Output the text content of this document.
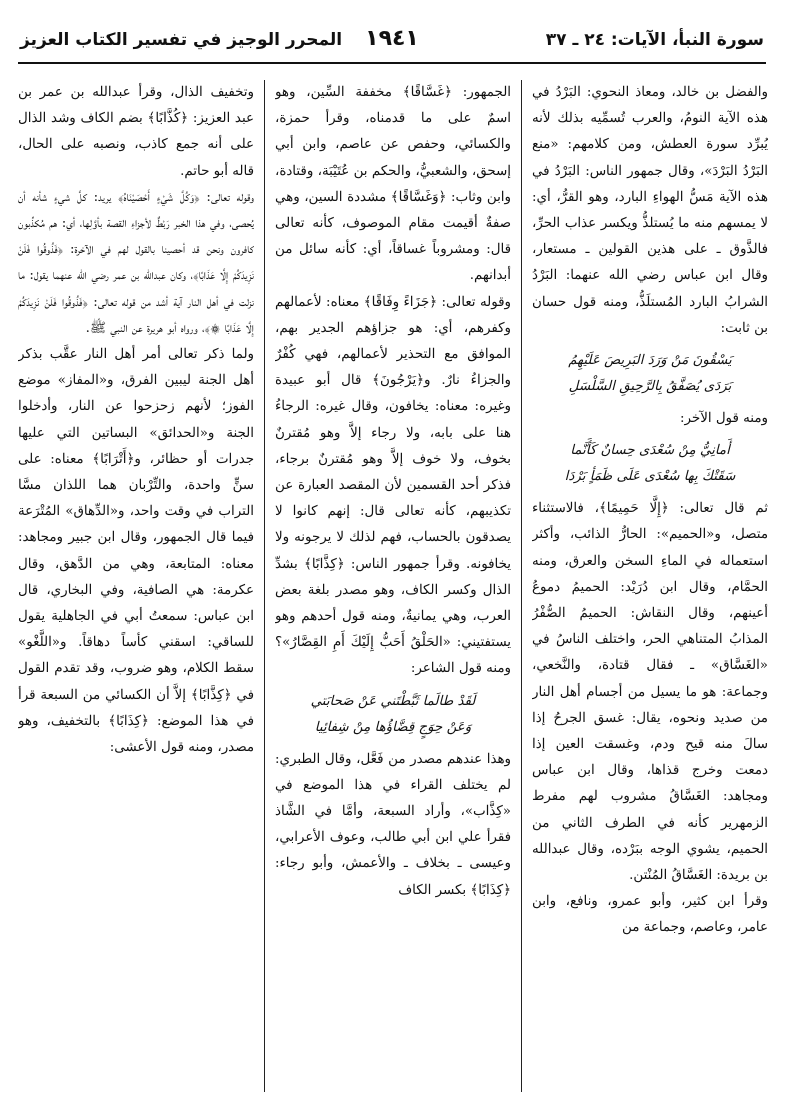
سورة النبأ، الآيات: ٢٤ ـ ٣٧
١٩٤١
المحرر الوجيز في تفسير الكتاب العزيز

والفضل بن خالد، ومعاذ النحوي: البَرْدُ في هذه الآية النومُ، والعرب تُسمِّيه بذلك لأنه يُبرِّد سورة العطش، ومن كلامهم: «منع البَرْدُ البَرْدَ»، وقال جمهور الناس: البَرْدُ في هذه الآية مَسُّ الهواءِ البارد، وهو القرُّ، أي: لا يمسهم منه ما يُستلذُّ ويكسر عذاب الحرِّ، فالذَّوق ـ على هذين القولين ـ مستعار، وقال ابن عباس رضي الله عنهما: البَرْدُ الشرابُ البارد المُستلَذُّ، ومنه قول حسان بن ثابت:

يَسْقُونَ مَنْ وَرَدَ البَرِيصَ عَلَيْهِمُ
بَرَدَى يُصَفَّقُ بِالرَّحِيقِ السَّلْسَلِ

ومنه قول الآخر:

أَمانِيُّ مِنْ سُعْدَى حِسانٌ كَأَنَّما
سَقَتْكَ بِها سُعْدَى عَلَى ظَمَأٍ بَرْدَا

ثم قال تعالى: ﴿إِلَّا حَمِيمًا﴾، فالاستثناء متصل، و«الحميم»: الحارُّ الذائب، وأكثر استعماله في الماءِ السخن والعرق، ومنه الحمَّام، وقال ابن دُرَيْد: الحميمُ دموعُ أعينهم، وقال النقاش: الحميمُ الصُّفْرُ المذابُ المتناهي الحر، واختلف الناسُ في «الغَسَّاق» ـ فقال قتادة، والنَّخعي، وجماعة: هو ما يسيل من أجسام أهل النار من صديد ونحوه، يقال: غسق الجرحُ إذا سالَ منه قيح ودم، وغسقت العين إذا دمعت وخرج قذاها، وقال ابن عباس ومجاهد: الغَسَّاقُ مشروب لهم مفرط الزمهرير كأنه في الطرف الثاني من الحميم، يشوي الوجه ببَرْده، وقال عبدالله بن بريدة: الغَسَّاقُ المُنْتن.

وقرأ ابن كثير، وأبو عمرو، ونافع، وابن عامر، وعاصم، وجماعة من

الجمهور: ﴿غَسَّاقًا﴾ مخففة السِّين، وهو اسمٌ على ما قدمناه، وقرأ حمزة، والكسائي، وحفص عن عاصم، وابن أبي إسحق، والشعبيُّ، والحكم بن عُتَيْبَة، وقتادة، وابن وثاب: ﴿وَغَسَّاقًا﴾ مشددة السين، وهي صفةٌ أقيمت مقام الموصوف، كأنه تعالى قال: ومشروباً غساقاً، أي: كأنه سائل من أبدانهم.

وقوله تعالى: ﴿جَزَاءً وِفَاقًا﴾ معناه: لأعمالهم وكفرهم، أي: هو جزاؤهم الجدير بهم، الموافق مع التحذير لأعمالهم، فهي كُفْرٌ والجزاءُ نارٌ. و﴿يَرْجُونَ﴾ قال أبو عبيدة وغيره: معناه: يخافون، وقال غيره: الرجاءُ هنا على بابه، ولا رجاء إلاَّ وهو مُقترنٌ بخوف، ولا خوف إلاَّ وهو مُقترنٌ برجاء، فذكر أحد القسمين لأن المقصد العبارة عن تكذيبهم، كأنه تعالى قال: إنهم كانوا لا يصدقون بالحساب، فهم لذلك لا يرجونه ولا يخافونه. وقرأ جمهور الناس: ﴿كِذَّابًا﴾ بشدِّ الذال وكسر الكاف، وهو مصدر بلغة بعض العرب، وهي يمانيةٌ، ومنه قول أحدهم وهو يستفتيني: «الحَلْقُ أَحَبُّ إِلَيْكَ أَمِ القِصَّارُ»؟ ومنه قول الشاعر:

لَقَدْ طالَما ثَبَّطْتَني عَنْ صَحابَتي
وَعَنْ حِوَجٍ قِضَّاؤُها مِنْ شِفائِيا

وهذا عندهم مصدر من فَعَّل، وقال الطبري: لم يختلف القراء في هذا الموضع في «كِذَّاب»، وأراد السبعة، وأمَّا في الشَّاذ فقرأ علي ابن أبي طالب، وعوف الأعرابي، وعيسى ـ بخلاف ـ والأعمش، وأبو رجاء: ﴿كِذَابًا﴾ بكسر الكاف

وتخفيف الذال، وقرأ عبدالله بن عمر بن عبد العزيز: ﴿كُذَّابًا﴾ بضم الكاف وشد الذال على أنه جمع كاذب، ونصبه على الحال، قاله أبو حاتم.

وقوله تعالى: ﴿وَكُلَّ شَيْءٍ أَحْصَيْنَاهُ﴾ يريد: كلَّ شيءٍ شأنه أن يُحصى، وفي هذا الخبر رَبْطٌ لأجزاءِ القصة بأوَّلِها، أي: هم مُكذِّبون كافرون ونحن قد أحصينا بالقول لهم في الآخرة: ﴿فَذُوقُوا فَلَنْ نَزِيدَكُمْ إِلَّا عَذَابًا﴾، وكان عبدالله بن عمر رضي الله عنهما يقول: ما نزلت في أهل النار آية أشد من قوله تعالى: ﴿فَذُوقُوا فَلَنْ نَزِيدَكُمْ إِلَّا عَذَابًا ۞﴾، ورواه أبو هريرة عن النبي ﷺ.

ولما ذكر تعالى أمر أهل النار عقَّب بذكر أهل الجنة ليبين الفرق، و«المفاز» موضع الفوز؛ لأنهم زحزحوا عن النار، وأدخلوا الجنة و«الحدائق» البساتين التي عليها جدرات أو حظائر، و﴿أَتْرَابًا﴾ معناه: على سنٍّ واحدة، والتِّرْبان هما اللذان مسَّا التراب في وقت واحد، و«الدِّهاق» المُتْرَعة فيما قال الجمهور، وقال ابن جبير ومجاهد: معناه: المتابعة، وهي من الدَّهق، وقال عكرمة: هي الصافية، وفي البخاري، قال ابن عباس: سمعتُ أبي في الجاهلية يقول للساقي: اسقني كأساً دهاقاً. و«اللَّغْو» سقط الكلام، وهو ضروب، وقد تقدم القول في ﴿كِذَّابًا﴾ إلاَّ أن الكسائي من السبعة قرأ في هذا الموضع: ﴿كِذَابًا﴾ بالتخفيف، وهو مصدر، ومنه قول الأعشى:
